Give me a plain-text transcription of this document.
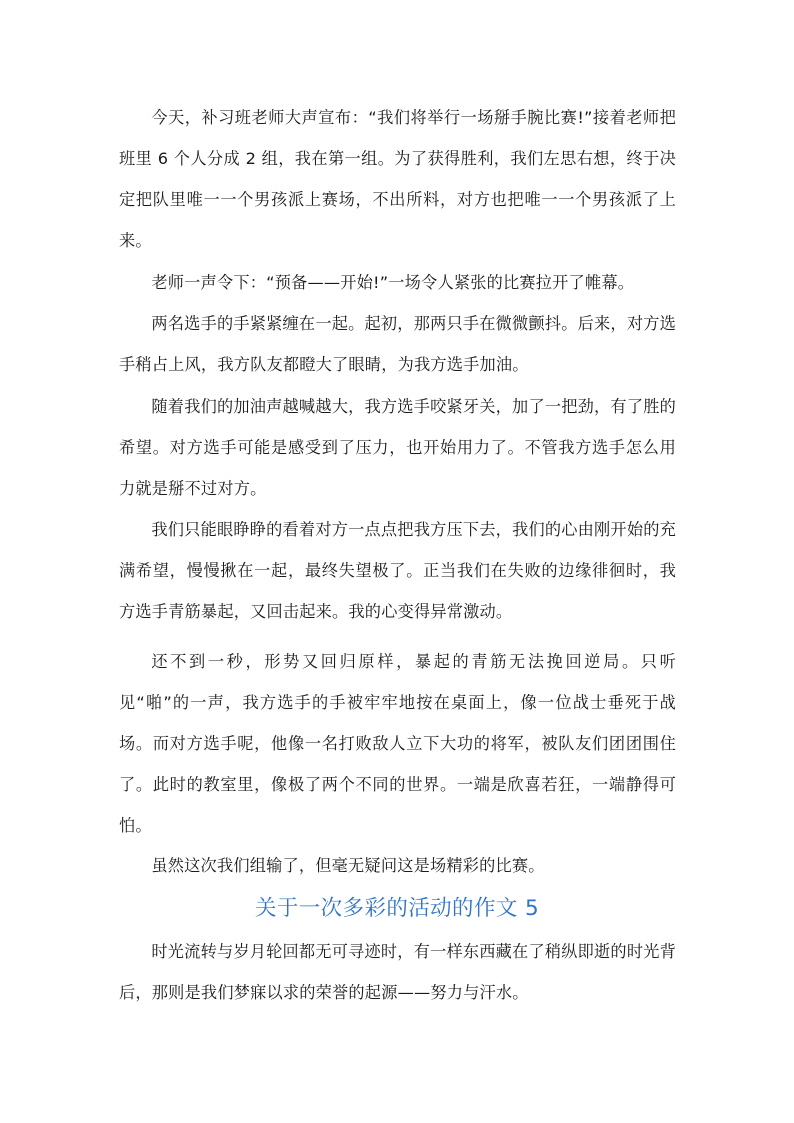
今天，补习班老师大声宣布：“我们将举行一场掰手腕比赛!”接着老师把班里 6 个人分成 2 组，我在第一组。为了获得胜利，我们左思右想，终于决定把队里唯一一个男孩派上赛场，不出所料，对方也把唯一一个男孩派了上来。

老师一声令下：“预备——开始!”一场令人紧张的比赛拉开了帷幕。

两名选手的手紧紧缠在一起。起初，那两只手在微微颤抖。后来，对方选手稍占上风，我方队友都瞪大了眼睛，为我方选手加油。

随着我们的加油声越喊越大，我方选手咬紧牙关，加了一把劲，有了胜的希望。对方选手可能是感受到了压力，也开始用力了。不管我方选手怎么用力就是掰不过对方。

我们只能眼睁睁的看着对方一点点把我方压下去，我们的心由刚开始的充满希望，慢慢揪在一起，最终失望极了。正当我们在失败的边缘徘徊时，我方选手青筋暴起，又回击起来。我的心变得异常激动。

还不到一秒，形势又回归原样，暴起的青筋无法挽回逆局。只听见“啪”的一声，我方选手的手被牢牢地按在桌面上，像一位战士垂死于战场。而对方选手呢，他像一名打败敌人立下大功的将军，被队友们团团围住了。此时的教室里，像极了两个不同的世界。一端是欣喜若狂，一端静得可怕。

虽然这次我们组输了，但毫无疑问这是场精彩的比赛。

关于一次多彩的活动的作文 5

时光流转与岁月轮回都无可寻迹时，有一样东西藏在了稍纵即逝的时光背后，那则是我们梦寐以求的荣誉的起源——努力与汗水。
